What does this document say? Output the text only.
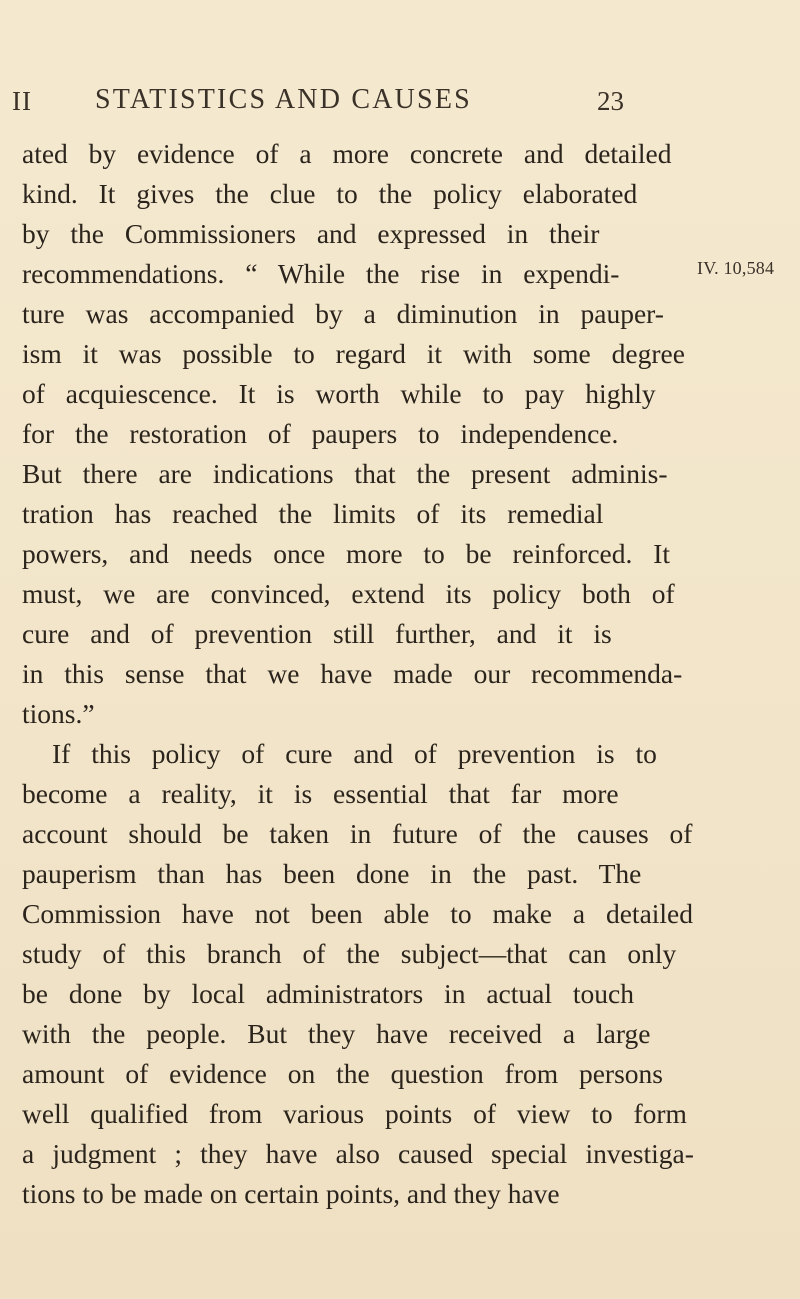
II STATISTICS AND CAUSES	23
ated by evidence of a more concrete and detailed
kind. It gives the clue to the policy elaborated
by the Commissioners and expressed in their
recommendations. “ While the rise in expendi-
ture was accompanied by a diminution in pauper-
ism it was possible to regard it with some degree
of acquiescence. It is worth while to pay highly
for the restoration of paupers to independence.
But there are indications that the present adminis-
tration has reached the limits of its remedial
powers, and needs once more to be reinforced. It
must, we are convinced, extend its policy both of
cure and of prevention still further, and it is
in this sense that we have made our recommenda-
tions.”
If this policy of cure and of prevention is to
become a reality, it is essential that far more
account should be taken in future of the causes of
pauperism than has been done in the past. The
Commission have not been able to make a detailed
study of this branch of the subject—that can only
be done by local administrators in actual touch
with the people. But they have received a large
amount of evidence on the question from persons
well qualified from various points of view to form
a judgment ; they have also caused special investiga-
tions to be made on certain points, and they have
IV. 10,584
